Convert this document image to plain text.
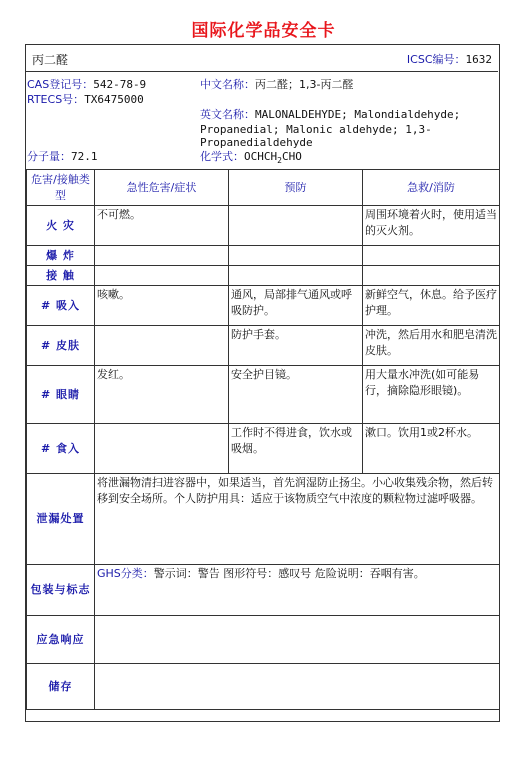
国际化学品安全卡
丙二醛	ICSC编号：1632
CAS登记号：542-78-9
RTECS号：TX6475000
分子量：72.1
中文名称：丙二醛；1,3-丙二醛
英文名称：MALONALDEHYDE; Malondialdehyde;
Propanedial; Malonic aldehyde; 1,3-
Propanedialdehyde
化学式：$OCHCH_2CHO$
危害/接触类型	急性危害/症状	预防	急救/消防
火 灾	不可燃。		周围环境着火时，使用适当的灭火剂。
爆 炸			
接 触			
# 吸入	咳嗽。	通风，局部排气通风或呼吸防护。	新鲜空气，休息。给予医疗护理。
# 皮肤		防护手套。	冲洗，然后用水和肥皂清洗皮肤。
# 眼睛	发红。	安全护目镜。	用大量水冲洗(如可能易行，摘除隐形眼镜)。
# 食入		工作时不得进食，饮水或吸烟。	漱口。饮用1或2杯水。
泄漏处置	将泄漏物清扫进容器中，如果适当，首先润湿防止扬尘。小心收集残余物，然后转移到安全场所。个人防护用具：适应于该物质空气中浓度的颗粒物过滤呼吸器。		
包装与标志	GHS分类：警示词：警告 图形符号：感叹号 危险说明：吞咽有害。		
应急响应			
储存			
